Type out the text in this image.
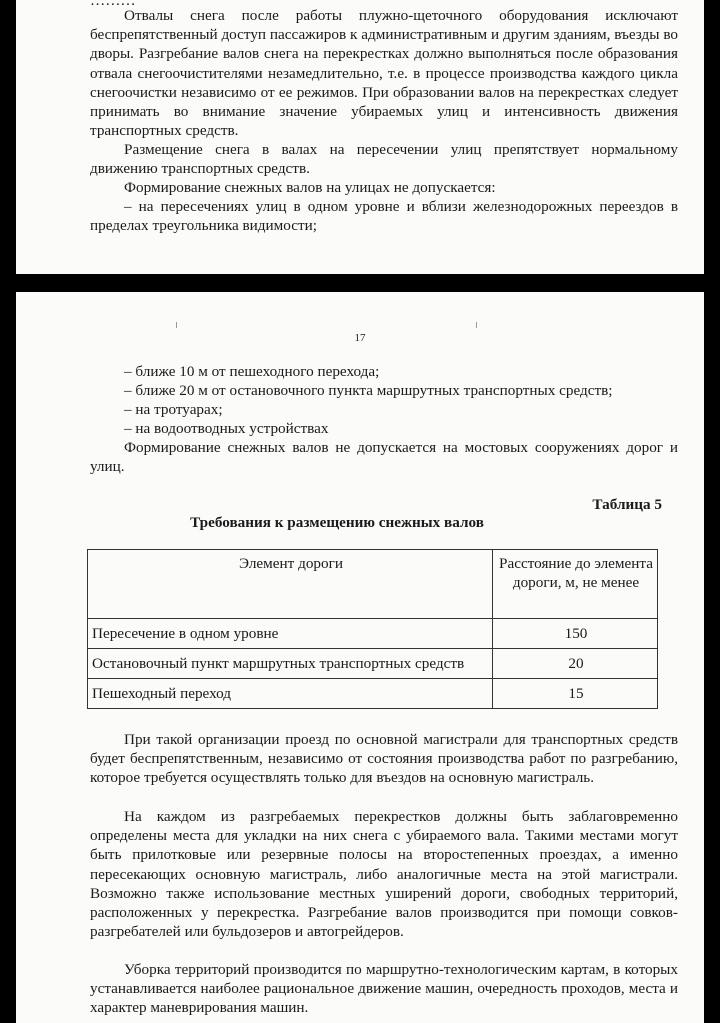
………

Отвалы снега после работы плужно-щеточного оборудования исключают беспрепятственный доступ пассажиров к административным и другим зданиям, въезды во дворы. Разгребание валов снега на перекрестках должно выполняться после образования отвала снегоочистителями незамедлительно, т.е. в процессе производства каждого цикла снегоочистки независимо от ее режимов. При образовании валов на перекрестках следует принимать во внимание значение убираемых улиц и интенсивность движения транспортных средств.

Размещение снега в валах на пересечении улиц препятствует нормальному движению транспортных средств.

Формирование снежных валов на улицах не допускается:

– на пересечениях улиц в одном уровне и вблизи железнодорожных переездов в пределах треугольника видимости;

17
– ближе 10 м от пешеходного перехода;
– ближе 20 м от остановочного пункта маршрутных транспортных средств;
– на тротуарах;
– на водоотводных устройствах

Формирование снежных валов не допускается на мостовых сооружениях дорог и улиц.

Таблица 5
Требования к размещению снежных валов
Элемент дороги	Расстояние до элемента дороги, м, не менее
Пересечение в одном уровне	150
Остановочный пункт маршрутных транспортных средств	20
Пешеходный переход	15

При такой организации проезд по основной магистрали для транспортных средств будет беспрепятственным, независимо от состояния производства работ по разгребанию, которое требуется осуществлять только для въездов на основную магистраль.

На каждом из разгребаемых перекрестков должны быть заблаговременно определены места для укладки на них снега с убираемого вала. Такими местами могут быть прилотковые или резервные полосы на второстепенных проездах, а именно пересекающих основную магистраль, либо аналогичные места на этой магистрали. Возможно также использование местных уширений дороги, свободных территорий, расположенных у перекрестка. Разгребание валов производится при помощи совков-разгребателей или бульдозеров и автогрейдеров.

Уборка территорий производится по маршрутно-технологическим картам, в которых устанавливается наиболее рациональное движение машин, очередность проходов, места и характер маневрирования машин.
